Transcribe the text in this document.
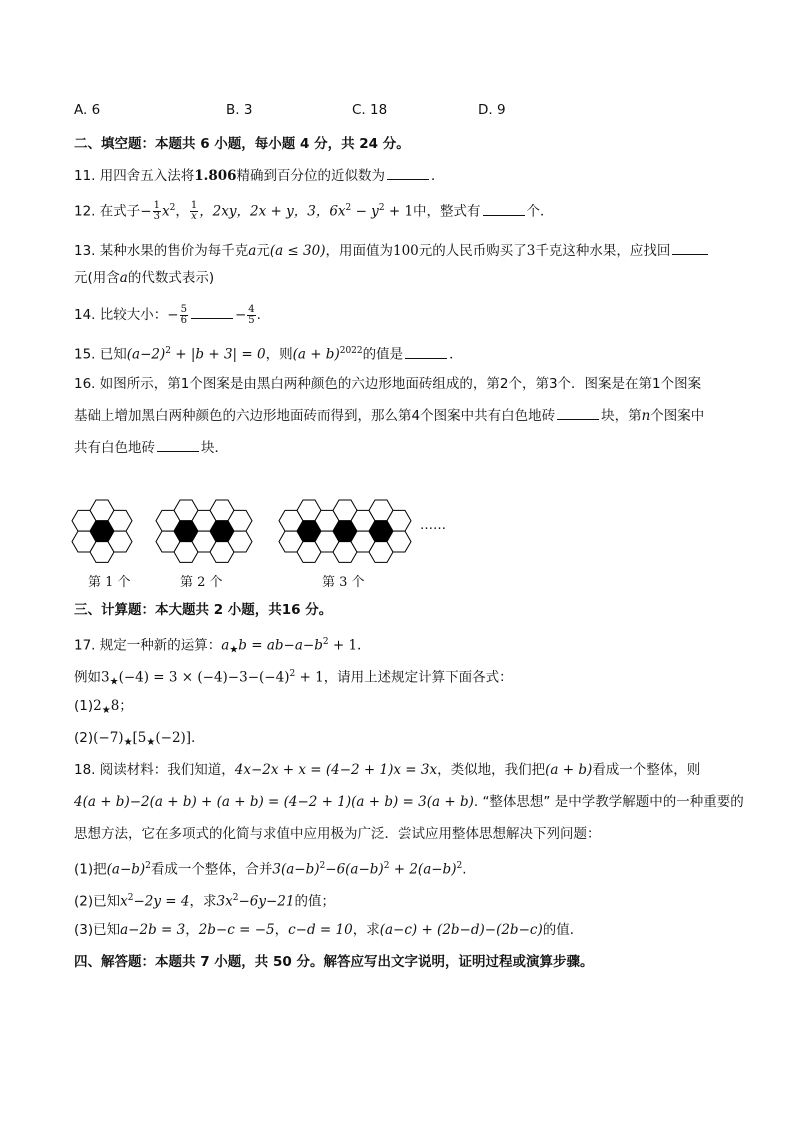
A. 6	B. 3	C. 18	D. 9
二、填空题：本题共 6 小题，每小题 4 分，共 24 分。
11. 用四舍五入法将1.806精确到百分位的近似数为	．
12. 在式子− $\frac{1}{3} x^2$， $\frac{1}{x}$ ，2xy，2x + y，3，$6x^2 - y^2 + 1$中，整式有	个．
13. 某种水果的售价为每千克a元(a ≤ 30)，用面值为100元的人民币购买了3千克这种水果，应找回
元(用含a的代数式表示)
14. 比较大小：− $\frac{5}{6}$	− $\frac{4}{5}$ .
15. 已知$(a-2)^2 + |b + 3| = 0$，则$(a + b)^{2022}$的值是	．
16. 如图所示，第1个图案是由黑白两种颜色的六边形地面砖组成的，第2个，第3个．图案是在第1个图案
基础上增加黑白两种颜色的六边形地面砖而得到，那么第4个图案中共有白色地砖	块，第n个图案中
共有白色地砖	块．
第 1 个	第 2 个	第 3 个
……
三、计算题：本大题共 2 小题，共16 分。
17. 规定一种新的运算：$a_★b = ab-a-b^2 + 1$.
例如$3_★(-4) = 3 \times (-4)-3-(-4)^2 + 1$，请用上述规定计算下面各式：
$(1)2_★8$；
$(2)(-7)_★[5_★(-2)]$．
18. 阅读材料：我们知道，4x−2x + x = (4−2 + 1)x = 3x，类似地，我们把(a + b)看成一个整体，则
4(a + b)−2(a + b) + (a + b) = (4−2 + 1)(a + b) = 3(a + b). “整体思想” 是中学教学解题中的一种重要的
思想方法，它在多项式的化简与求值中应用极为广泛．尝试应用整体思想解决下列问题：
(1)把$(a-b)^2$看成一个整体，合并$3(a-b)^2-6(a-b)^2 + 2(a-b)^2$.
(2)已知$x^2-2y = 4$，求$3x^2-6y-21$的值；
(3)已知a−2b = 3，2b−c = −5，c−d = 10，求(a−c) + (2b−d)−(2b−c)的值．
四、解答题：本题共 7 小题，共 50 分。解答应写出文字说明，证明过程或演算步骤。
